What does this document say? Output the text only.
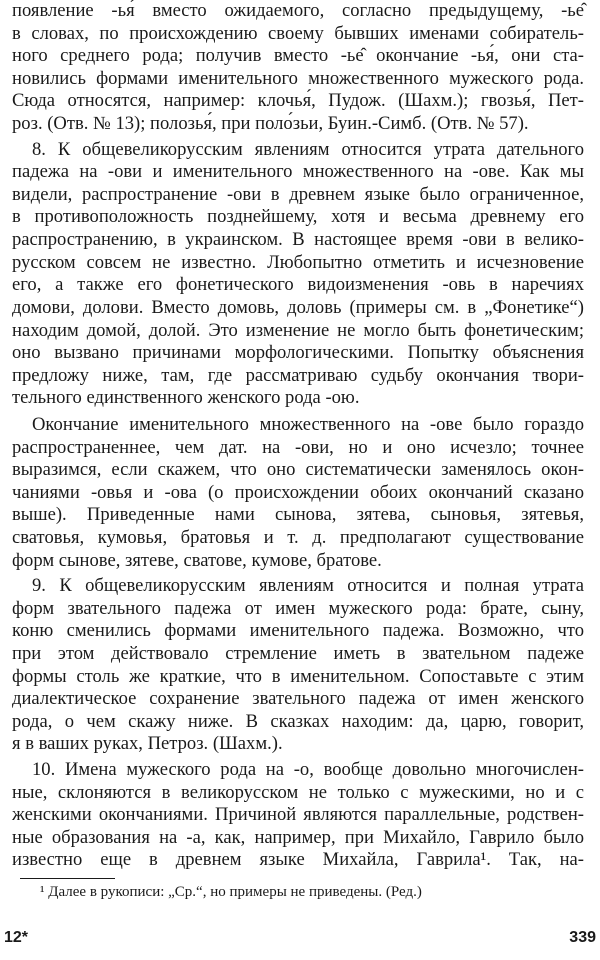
появление -ья́ вместо ожидаемого, согласно предыдущему, -ье̂
в словах, по происхождению своему бывших именами собиратель-
ного среднего рода; получив вместо -ье̂ окончание -ья́, они ста-
новились формами именительного множественного мужеского рода.
Сюда относятся, например: клочья́, Пудож. (Шахм.); гвозья́, Пет-
роз. (Отв. № 13); полозья́, при поло́зьи, Буин.-Симб. (Отв. № 57).
8. К общевеликорусским явлениям относится утрата дательного
падежа на -ови и именительного множественного на -ове. Как мы
видели, распространение -ови в древнем языке было ограниченное,
в противоположность позднейшему, хотя и весьма древнему его
распространению, в украинском. В настоящее время -ови в велико-
русском совсем не известно. Любопытно отметить и исчезновение
его, а также его фонетического видоизменения -овь в наречиях
домови, долови. Вместо домовь, доловь (примеры см. в „Фонетике“)
находим домой, долой. Это изменение не могло быть фонетическим;
оно вызвано причинами морфологическими. Попытку объяснения
предложу ниже, там, где рассматриваю судьбу окончания твори-
тельного единственного женского рода -ою.
Окончание именительного множественного на -ове было гораздо
распространеннее, чем дат. на -ови, но и оно исчезло; точнее
выразимся, если скажем, что оно систематически заменялось окон-
чаниями -овья и -ова (о происхождении обоих окончаний сказано
выше). Приведенные нами сынова, зятева, сыновья, зятевья,
сватовья, кумовья, братовья и т. д. предполагают существование
форм сынове, зятеве, сватове, кумове, братове.
9. К общевеликорусским явлениям относится и полная утрата
форм звательного падежа от имен мужеского рода: брате, сыну,
коню сменились формами именительного падежа. Возможно, что
при этом действовало стремление иметь в звательном падеже
формы столь же краткие, что в именительном. Сопоставьте с этим
диалектическое сохранение звательного падежа от имен женского
рода, о чем скажу ниже. В сказках находим: да, царю, говорит,
я в ваших руках, Петроз. (Шахм.).
10. Имена мужеского рода на -о, вообще довольно многочислен-
ные, склоняются в великорусском не только с мужескими, но и с
женскими окончаниями. Причиной являются параллельные, родствен-
ные образования на -а, как, например, при Михайло, Гаврило было
известно еще в древнем языке Михайла, Гаврила¹. Так, на-
¹ Далее в рукописи: „Ср.“, но примеры не приведены. (Ред.)
12*	339
